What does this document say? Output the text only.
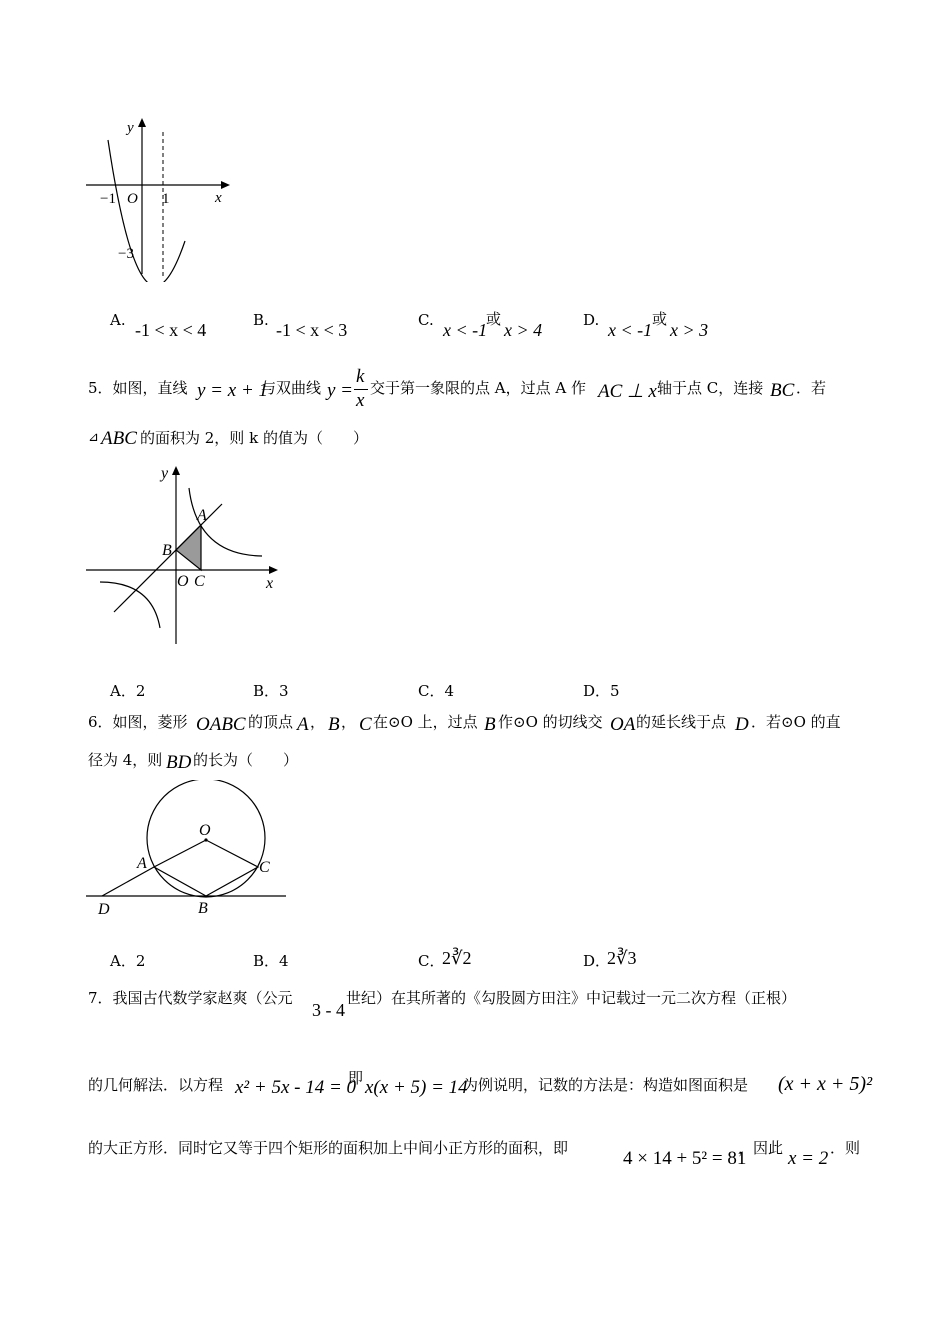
y
x
O
−1	1
−3
A. -1 < x < 4	B. -1 < x < 3	C. x < -1
或
x > 4	D. x < -1
或
x > 3
5．如图，直线 y = x + 1
与双曲线 y =
k
x
交于第一象限的点 A，过点 A 作 AC ⊥ x 轴于点 C，连接 BC ．若
⊿ ABC 的面积为 2，则 k 的值为（　　）
y
A
B
O C	x
A．2	B．3	C．4	D．5
6．如图，菱形 OABC 的顶点 A ， B ， C 在⊙O 上，过点 B 作⊙O 的切线交 OA 的延长线于点 D ．若⊙O 的直
径为 4，则 BD 的长为（　　）
O
A	C
D	B
A．2	B．4	C．
2∛2	D．
2∛3
7．我国古代数学家赵爽（公元
3 - 4
世纪）在其所著的《勾股圆方田注》中记载过一元二次方程（正根）
的几何解法．以方程 x² + 5x - 14 = 0
即 x(x + 5) = 14
为例说明，记数的方法是：构造如图面积是 (x + x + 5)²
的大正方形．同时它又等于四个矩形的面积加上中间小正方形的面积，即	4 × 14 + 5² = 81
，因此 x = 2 ．则
